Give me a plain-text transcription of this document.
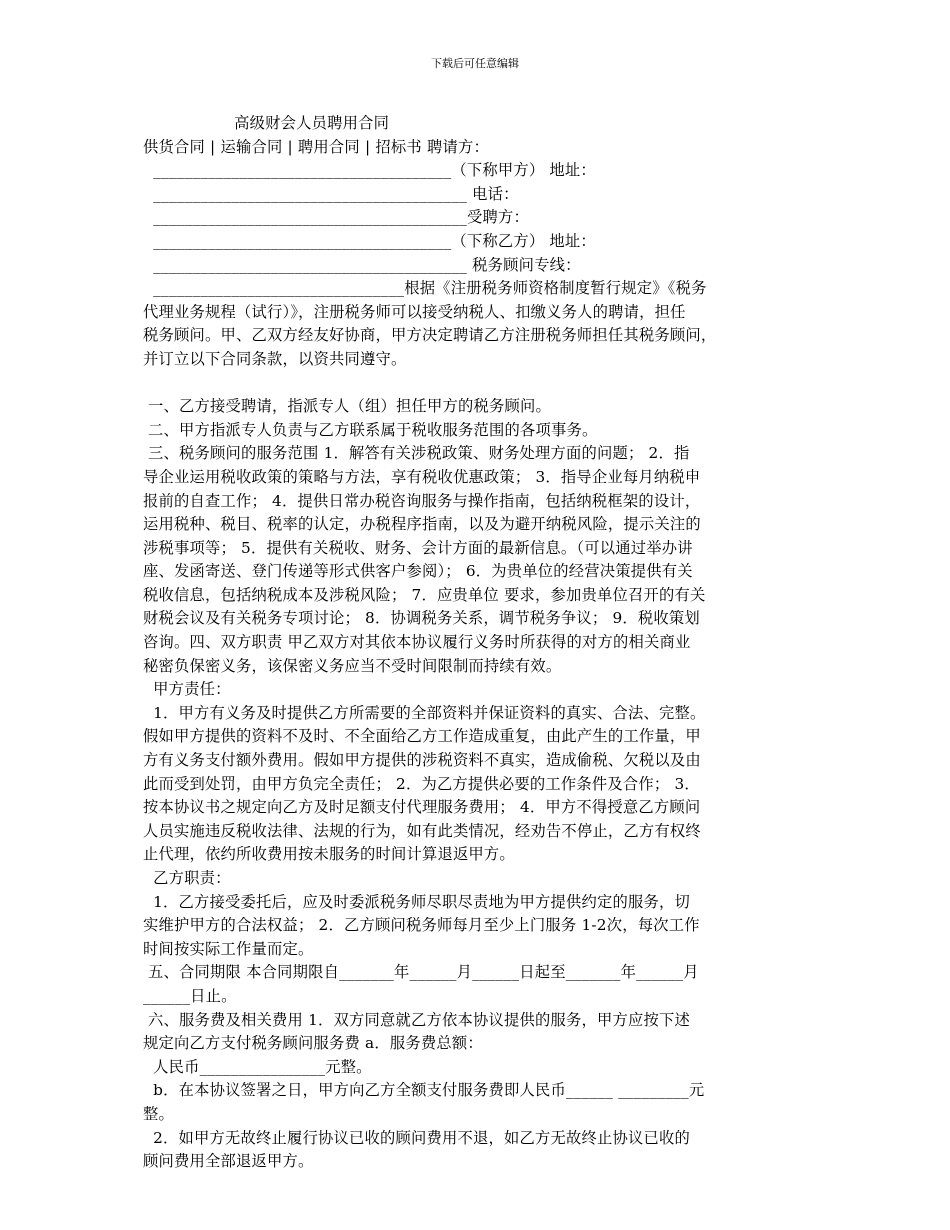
下载后可任意编辑
高级财会人员聘用合同
供货合同 | 运输合同 | 聘用合同 | 招标书 聘请方：
______________________________________（下称甲方） 地址：
________________________________________ 电话：
________________________________________受聘方：
______________________________________（下称乙方） 地址：
________________________________________ 税务顾问专线：
________________________________根据《注册税务师资格制度暂行规定》《税务
代理业务规程（试行）》，注册税务师可以接受纳税人、扣缴义务人的聘请，担任
税务顾问。甲、乙双方经友好协商，甲方决定聘请乙方注册税务师担任其税务顾问，
并订立以下合同条款，以资共同遵守。
一、乙方接受聘请，指派专人（组）担任甲方的税务顾问。
二、甲方指派专人负责与乙方联系属于税收服务范围的各项事务。
三、税务顾问的服务范围 1．解答有关涉税政策、财务处理方面的问题； 2．指
导企业运用税收政策的策略与方法，享有税收优惠政策； 3．指导企业每月纳税申
报前的自查工作； 4．提供日常办税咨询服务与操作指南，包括纳税框架的设计，
运用税种、税目、税率的认定，办税程序指南，以及为避开纳税风险，提示关注的
涉税事项等； 5．提供有关税收、财务、会计方面的最新信息。（可以通过举办讲
座、发函寄送、登门传递等形式供客户参阅）； 6．为贵单位的经营决策提供有关
税收信息，包括纳税成本及涉税风险； 7．应贵单位 要求，参加贵单位召开的有关
财税会议及有关税务专项讨论； 8．协调税务关系，调节税务争议； 9．税收策划
咨询。四、双方职责 甲乙双方对其依本协议履行义务时所获得的对方的相关商业
秘密负保密义务，该保密义务应当不受时间限制而持续有效。
甲方责任：
1．甲方有义务及时提供乙方所需要的全部资料并保证资料的真实、合法、完整。
假如甲方提供的资料不及时、不全面给乙方工作造成重复，由此产生的工作量，甲
方有义务支付额外费用。假如甲方提供的涉税资料不真实，造成偷税、欠税以及由
此而受到处罚，由甲方负完全责任； 2．为乙方提供必要的工作条件及合作； 3．
按本协议书之规定向乙方及时足额支付代理服务费用； 4．甲方不得授意乙方顾问
人员实施违反税收法律、法规的行为，如有此类情况，经劝告不停止，乙方有权终
止代理，依约所收费用按未服务的时间计算退返甲方。
乙方职责：
1．乙方接受委托后，应及时委派税务师尽职尽责地为甲方提供约定的服务，切
实维护甲方的合法权益； 2．乙方顾问税务师每月至少上门服务 1-2次，每次工作
时间按实际工作量而定。
五、合同期限 本合同期限自_______年______月______日起至_______年______月
______日止。
六、服务费及相关费用 1．双方同意就乙方依本协议提供的服务，甲方应按下述
规定向乙方支付税务顾问服务费 a．服务费总额：
人民币________________元整。
b．在本协议签署之日，甲方向乙方全额支付服务费即人民币______ _________元
整。
2．如甲方无故终止履行协议已收的顾问费用不退，如乙方无故终止协议已收的
顾问费用全部退返甲方。
